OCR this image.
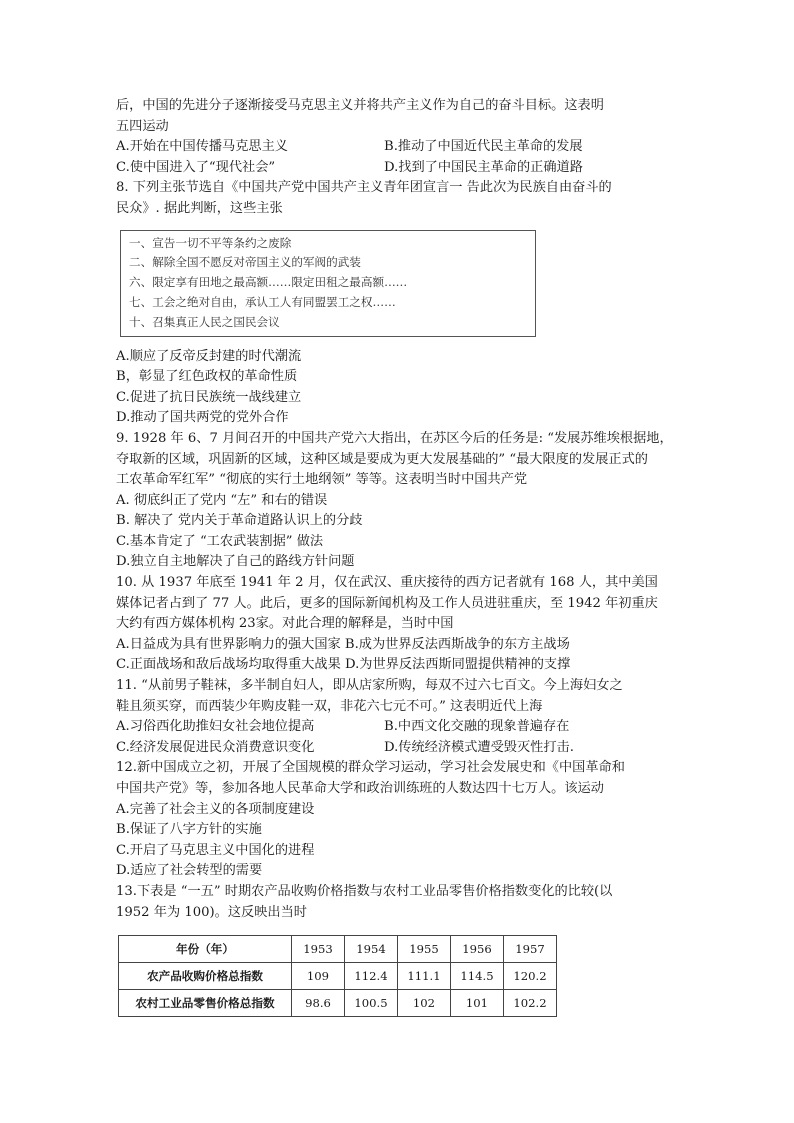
后，中国的先进分子逐渐接受马克思主义并将共产主义作为自己的奋斗目标。这表明
五四运动
A.开始在中国传播马克思主义	B.推动了中国近代民主革命的发展
C.使中国进入了“现代社会”	D.找到了中国民主革命的正确道路
8. 下列主张节选自《中国共产党中国共产主义青年团宣言一 告此次为民族自由奋斗的
民众》. 据此判断，这些主张
一、宣告一切不平等条约之废除
二、解除全国不愿反对帝国主义的军阀的武装
六、限定享有田地之最高额……限定田租之最高额……
七、工会之绝对自由，承认工人有同盟罢工之权……
十、召集真正人民之国民会议
A.顺应了反帝反封建的时代潮流
B，彰显了红色政权的革命性质
C.促进了抗日民族统一战线建立
D.推动了国共两党的党外合作
9. 1928 年 6、7 月间召开的中国共产党六大指出，在苏区今后的任务是: “发展苏维埃根据地，
夺取新的区域，巩固新的区域，这种区域是要成为更大发展基础的” “最大限度的发展正式的
工农革命军红军” “彻底的实行土地纲领” 等等。这表明当时中国共产党
A. 彻底纠正了党内 “左” 和右的错误
B. 解决了 党内关于革命道路认识上的分歧
C.基本肯定了 “工农武装割据” 做法
D.独立自主地解决了自己的路线方针问题
10. 从 1937 年底至 1941 年 2 月，仅在武汉、重庆接待的西方记者就有 168 人，其中美国
媒体记者占到了 77 人。此后，更多的国际新闻机构及工作人员进驻重庆，至 1942 年初重庆
大约有西方媒体机构 23家。对此合理的解释是，当时中国
A.日益成为具有世界影响力的强大国家 B.成为世界反法西斯战争的东方主战场
C.正面战场和敌后战场均取得重大战果 D.为世界反法西斯同盟提供精神的支撑
11. “从前男子鞋袜，多半制自妇人，即从店家所购，每双不过六七百文。今上海妇女之
鞋且须买穿，而西装少年购皮鞋一双，非花六七元不可。” 这表明近代上海
A.习俗西化助推妇女社会地位提高	B.中西文化交融的现象普遍存在
C.经济发展促进民众消费意识变化	D.传统经济模式遭受毁灭性打击.
12.新中国成立之初，开展了全国规模的群众学习运动，学习社会发展史和《中国革命和
中国共产党》等，参加各地人民革命大学和政治训练班的人数达四十七万人。该运动
A.完善了社会主义的各项制度建设
B.保证了八字方针的实施
C.开启了马克思主义中国化的进程
D.适应了社会转型的需要
13.下表是 “一五” 时期农产品收购价格指数与农村工业品零售价格指数变化的比较(以
1952 年为 100)。这反映出当时
年份（年）	1953	1954	1955	1956	1957
农产品收购价格总指数	109	112.4	111.1	114.5	120.2
农村工业品零售价格总指数	98.6	100.5	102	101	102.2
